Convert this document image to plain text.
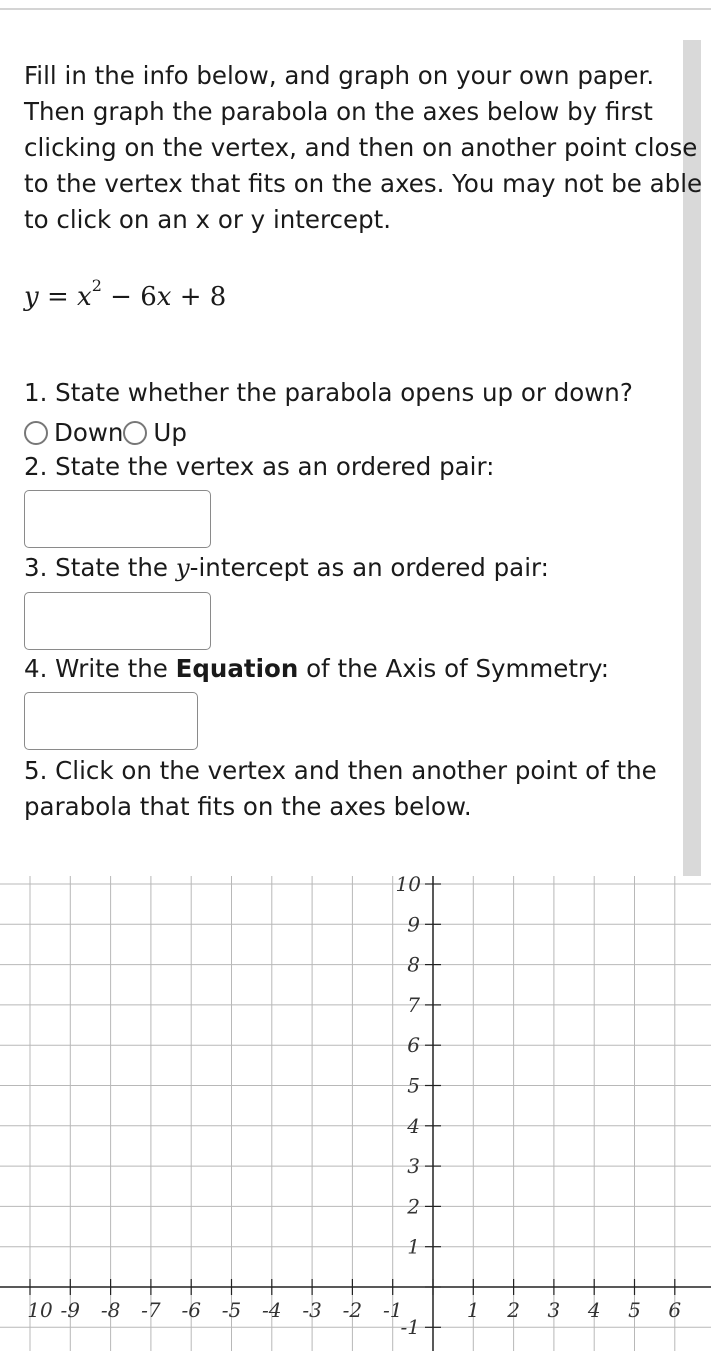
Fill in the info below, and graph on your own paper. Then graph the parabola on the axes below by first clicking on the vertex, and then on another point close to the vertex that fits on the axes. You may not be able to click on an x or y intercept.

$y = x^2 - 6x + 8$
1. State whether the parabola opens up or down?
Down Up
2. State the vertex as an ordered pair:
3. State the y-intercept as an ordered pair:
4. Write the Equation of the Axis of Symmetry:
5. Click on the vertex and then another point of the
parabola that fits on the axes below.
10 -9 -8 -7 -6 -5 -4 -3 -2 -1	1 2 3 4 5 6
10
9
8
7
6
5
4
3
2
1
-1
